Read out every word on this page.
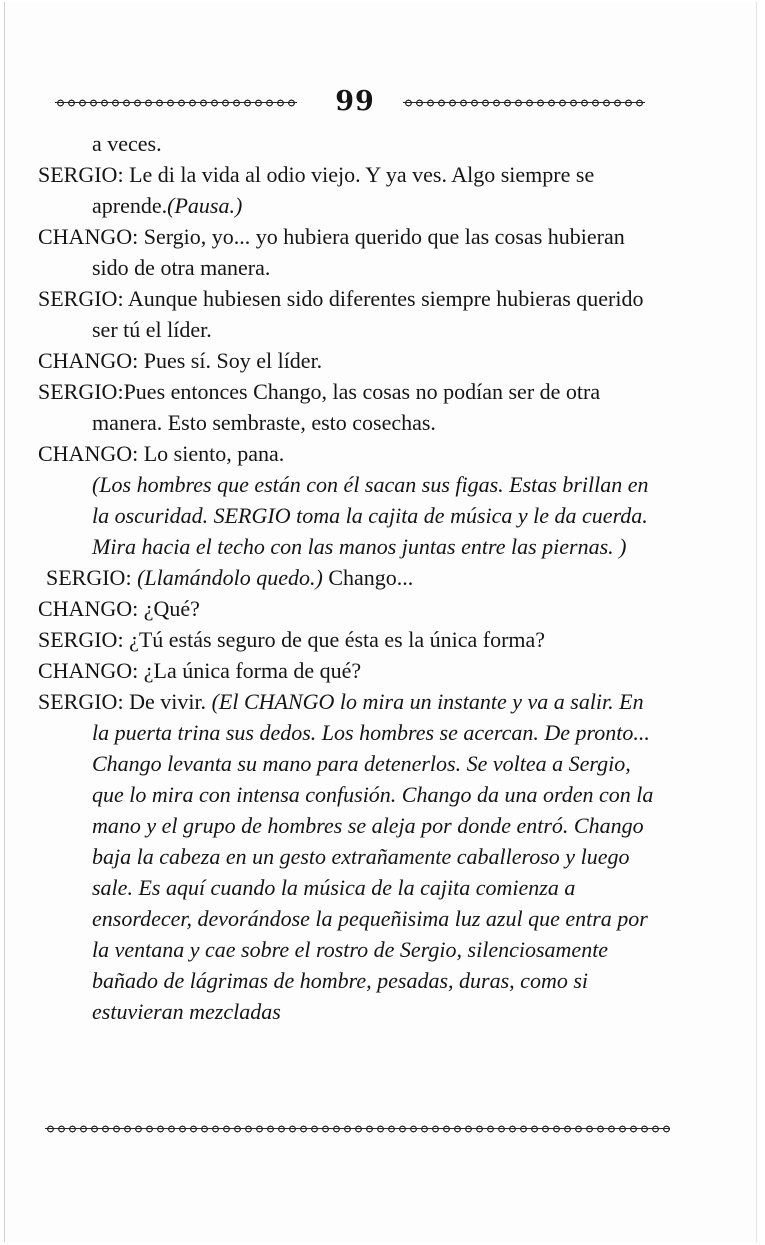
99

a veces.

SERGIO: Le di la vida al odio viejo. Y ya ves. Algo siempre se aprende.(Pausa.)

CHANGO: Sergio, yo... yo hubiera querido que las cosas hubieran sido de otra manera.

SERGIO: Aunque hubiesen sido diferentes siempre hubieras querido ser tú el líder.

CHANGO: Pues sí. Soy el líder.

SERGIO:Pues entonces Chango, las cosas no podían ser de otra manera. Esto sembraste, esto cosechas.

CHANGO: Lo siento, pana.

(Los hombres que están con él sacan sus figas. Estas brillan en la oscuridad. SERGIO toma la cajita de música y le da cuerda. Mira hacia el techo con las manos juntas entre las piernas. )

SERGIO: (Llamándolo quedo.) Chango...

CHANGO: ¿Qué?

SERGIO: ¿Tú estás seguro de que ésta es la única forma?

CHANGO: ¿La única forma de qué?

SERGIO: De vivir. (El CHANGO lo mira un instante y va a salir. En la puerta trina sus dedos. Los hombres se acercan. De pronto... Chango levanta su mano para detenerlos. Se voltea a Sergio, que lo mira con intensa confusión. Chango da una orden con la mano y el grupo de hombres se aleja por donde entró. Chango baja la cabeza en un gesto extrañamente caballeroso y luego sale. Es aquí cuando la música de la cajita comienza a ensordecer, devorándose la pequeñisima luz azul que entra por la ventana y cae sobre el rostro de Sergio, silenciosamente bañado de lágrimas de hombre, pesadas, duras, como si estuvieran mezcladas
